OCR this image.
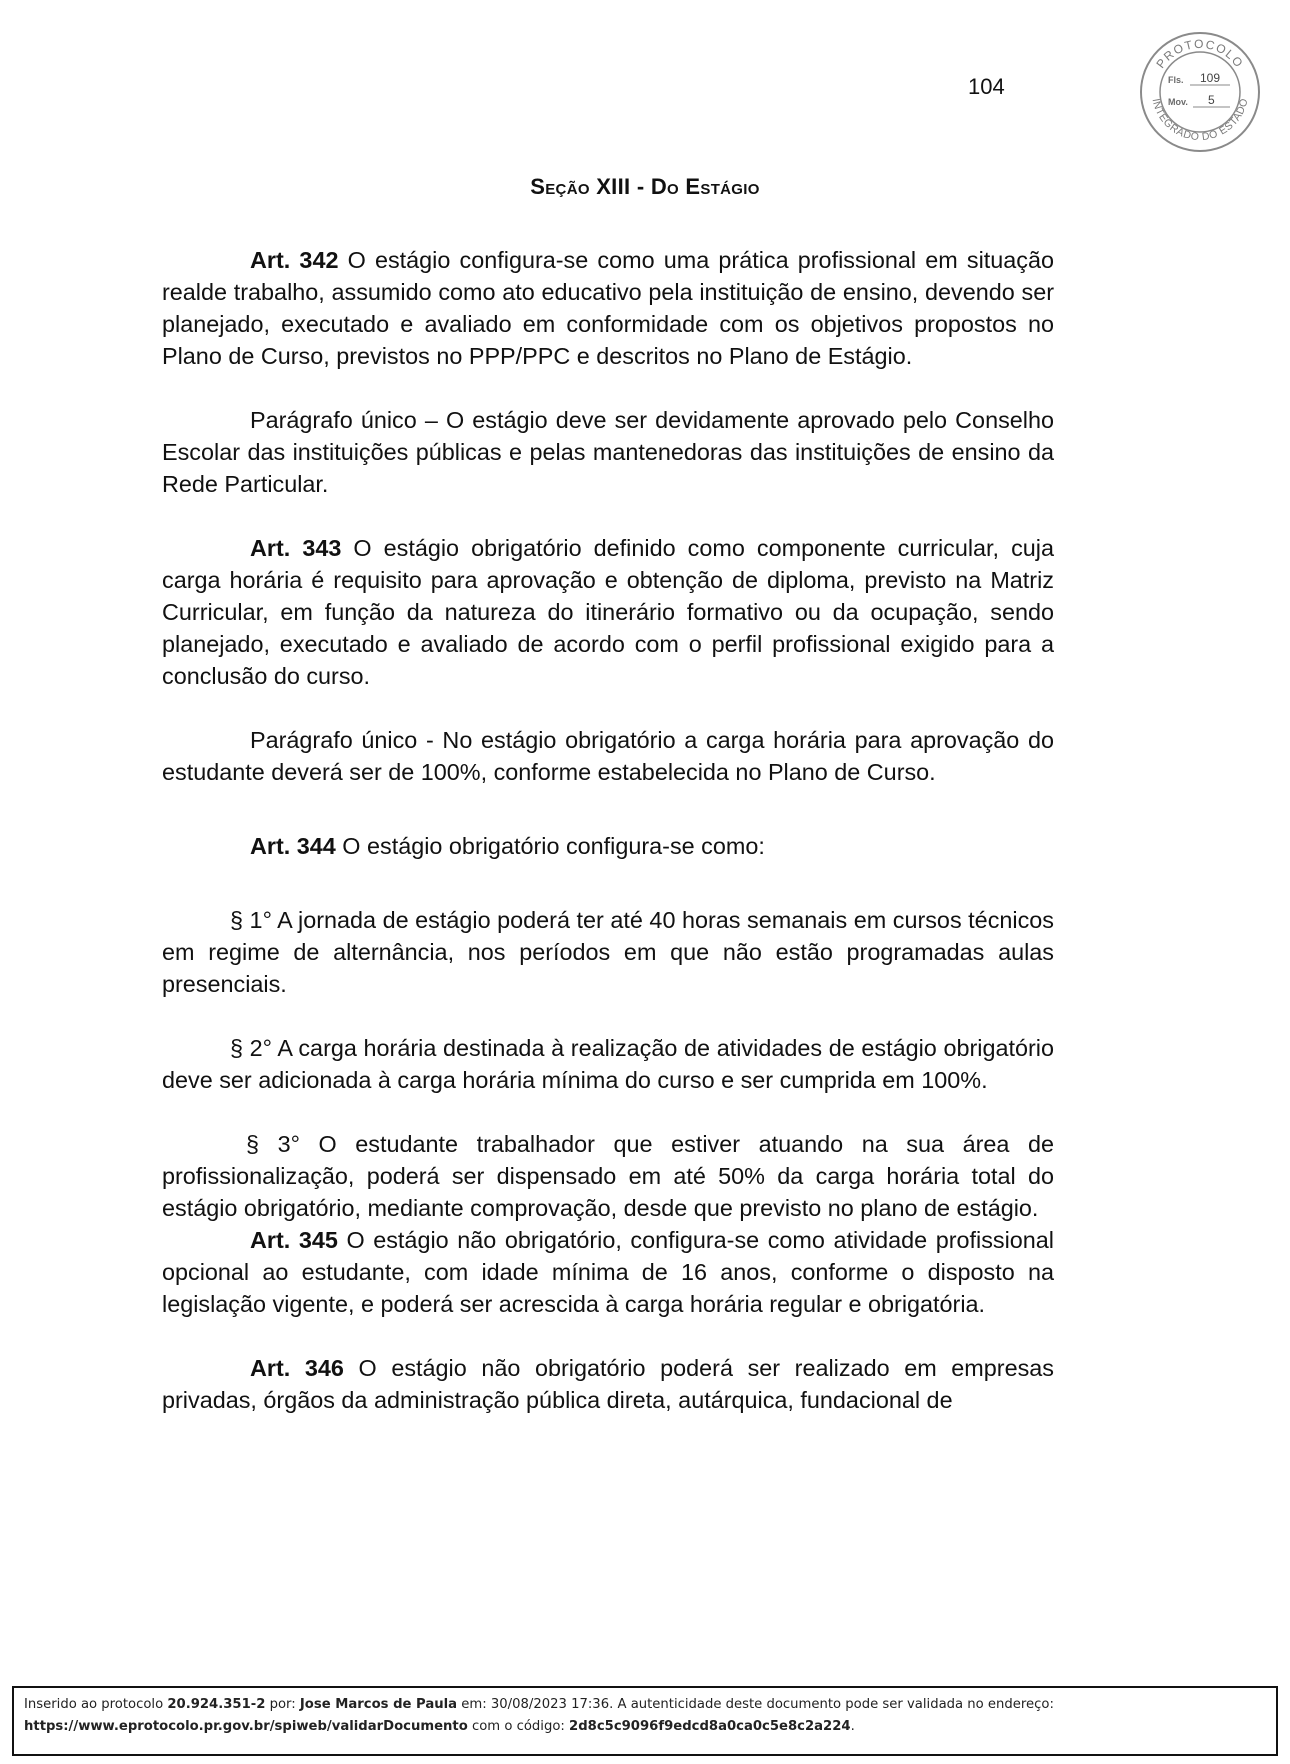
104
PROTOCOLO
INTEGRADO DO ESTADO
Fls. 109
Mov. 5
Seção XIII - Do Estágio

Art. 342 O estágio configura-se como uma prática profissional em situação realde trabalho, assumido como ato educativo pela instituição de ensino, devendo ser planejado, executado e avaliado em conformidade com os objetivos propostos no Plano de Curso, previstos no PPP/PPC e descritos no Plano de Estágio.

Parágrafo único – O estágio deve ser devidamente aprovado pelo Conselho Escolar das instituições públicas e pelas mantenedoras das instituições de ensino da Rede Particular.

Art. 343 O estágio obrigatório definido como componente curricular, cuja carga horária é requisito para aprovação e obtenção de diploma, previsto na Matriz Curricular, em função da natureza do itinerário formativo ou da ocupação, sendo planejado, executado e avaliado de acordo com o perfil profissional exigido para a conclusão do curso.

Parágrafo único - No estágio obrigatório a carga horária para aprovação do estudante deverá ser de 100%, conforme estabelecida no Plano de Curso.

Art. 344 O estágio obrigatório configura-se como:

§ 1° A jornada de estágio poderá ter até 40 horas semanais em cursos técnicos em regime de alternância, nos períodos em que não estão programadas aulas presenciais.

§ 2° A carga horária destinada à realização de atividades de estágio obrigatório deve ser adicionada à carga horária mínima do curso e ser cumprida em 100%.

§ 3° O estudante trabalhador que estiver atuando na sua área de profissionalização, poderá ser dispensado em até 50% da carga horária total do estágio obrigatório, mediante comprovação, desde que previsto no plano de estágio.

Art. 345 O estágio não obrigatório, configura-se como atividade profissional opcional ao estudante, com idade mínima de 16 anos, conforme o disposto na legislação vigente, e poderá ser acrescida à carga horária regular e obrigatória.

Art. 346 O estágio não obrigatório poderá ser realizado em empresas privadas, órgãos da administração pública direta, autárquica, fundacional de

Inserido ao protocolo 20.924.351-2 por: Jose Marcos de Paula em: 30/08/2023 17:36. A autenticidade deste documento pode ser validada no endereço:
https://www.eprotocolo.pr.gov.br/spiweb/validarDocumento com o código: 2d8c5c9096f9edcd8a0ca0c5e8c2a224.
